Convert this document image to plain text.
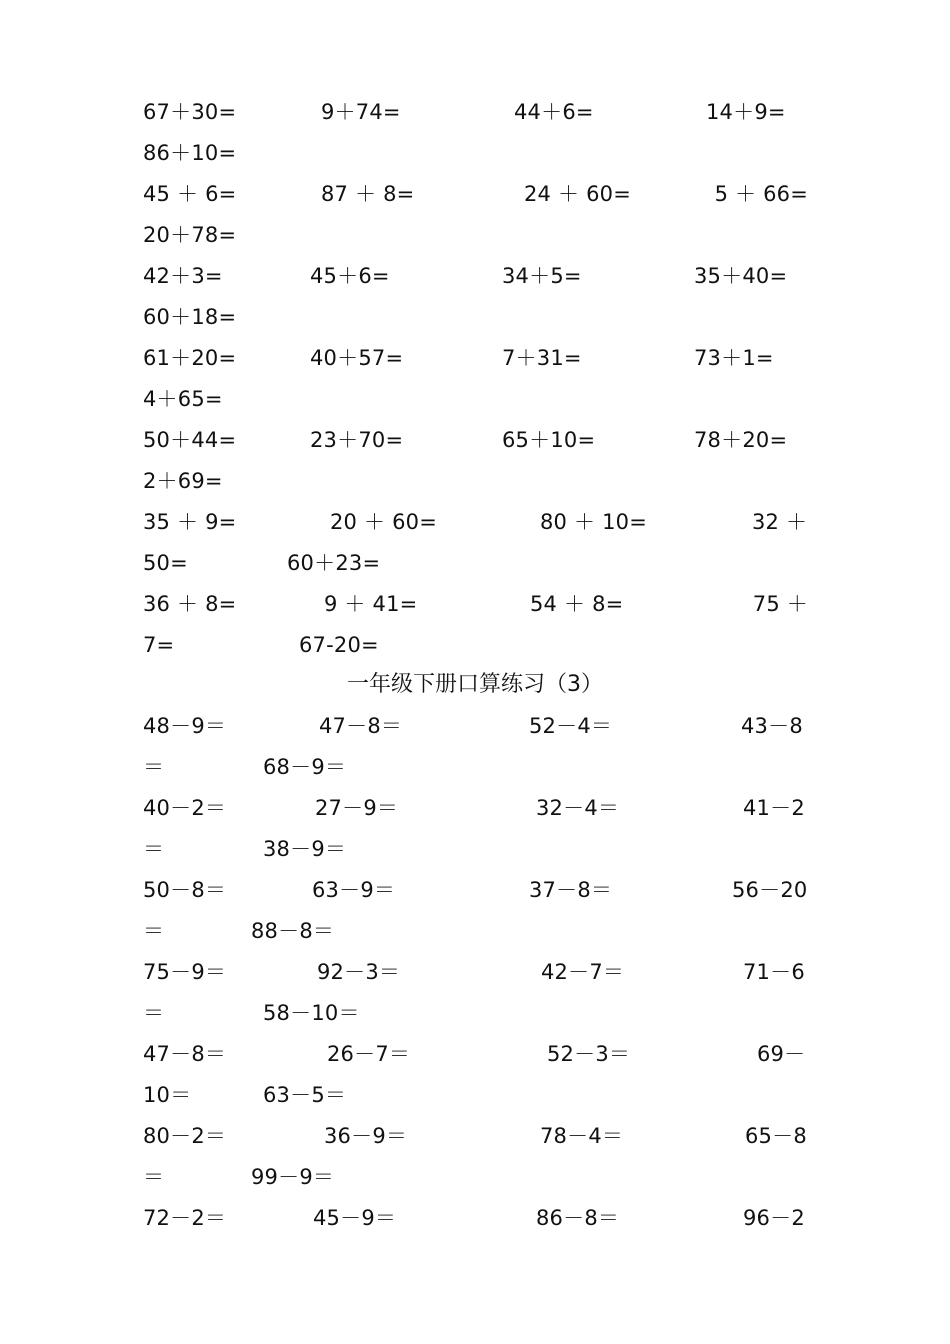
67＋30=	9＋74=	44＋6=	14＋9=
86＋10=
45 ＋ 6=	87 ＋ 8=	24 ＋ 60=	5 ＋ 66=
20＋78=
42＋3=	45＋6=	34＋5=	35＋40=
60＋18=
61＋20=	40＋57=	7＋31=	73＋1=
4＋65=
50＋44=	23＋70=	65＋10=	78＋20=
2＋69=
35 ＋ 9=	20 ＋ 60=	80 ＋ 10=	32 ＋
50=	60＋23=
36 ＋ 8=	9 ＋ 41=	54 ＋ 8=	75 ＋
7=	67-20=
一年级下册口算练习（3）
48－9＝	47－8＝	52－4＝	43－8
＝	68－9＝
40－2＝	27－9＝	32－4＝	41－2
＝	38－9＝
50－8＝	63－9＝	37－8＝	56－20
＝	88－8＝
75－9＝	92－3＝	42－7＝	71－6
＝	58－10＝
47－8＝	26－7＝	52－3＝	69－
10＝	63－5＝
80－2＝	36－9＝	78－4＝	65－8
＝	99－9＝
72－2＝	45－9＝	86－8＝	96－2
